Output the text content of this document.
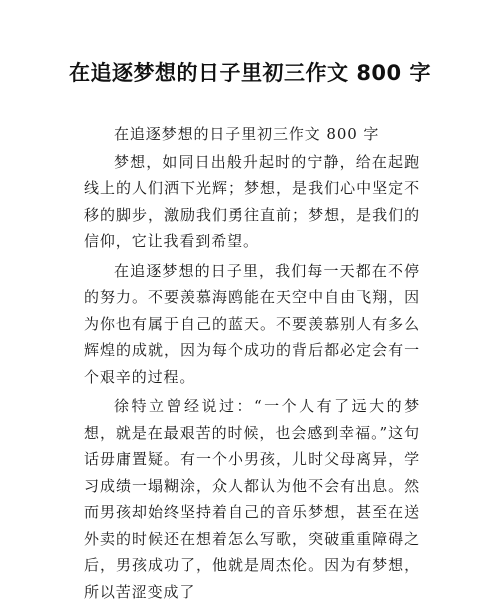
在追逐梦想的日子里初三作文 800 字

在追逐梦想的日子里初三作文 800 字

梦想，如同日出般升起时的宁静，给在起跑线上的人们洒下光辉；梦想，是我们心中坚定不移的脚步，激励我们勇往直前；梦想，是我们的信仰，它让我看到希望。

在追逐梦想的日子里，我们每一天都在不停的努力。不要羡慕海鸥能在天空中自由飞翔，因为你也有属于自己的蓝天。不要羡慕别人有多么辉煌的成就，因为每个成功的背后都必定会有一个艰辛的过程。

徐特立曾经说过：“一个人有了远大的梦想，就是在最艰苦的时候，也会感到幸福。”这句话毋庸置疑。有一个小男孩，儿时父母离异，学习成绩一塌糊涂，众人都认为他不会有出息。然而男孩却始终坚持着自己的音乐梦想，甚至在送外卖的时候还在想着怎么写歌，突破重重障碍之后，男孩成功了，他就是周杰伦。因为有梦想，所以苦涩变成了
